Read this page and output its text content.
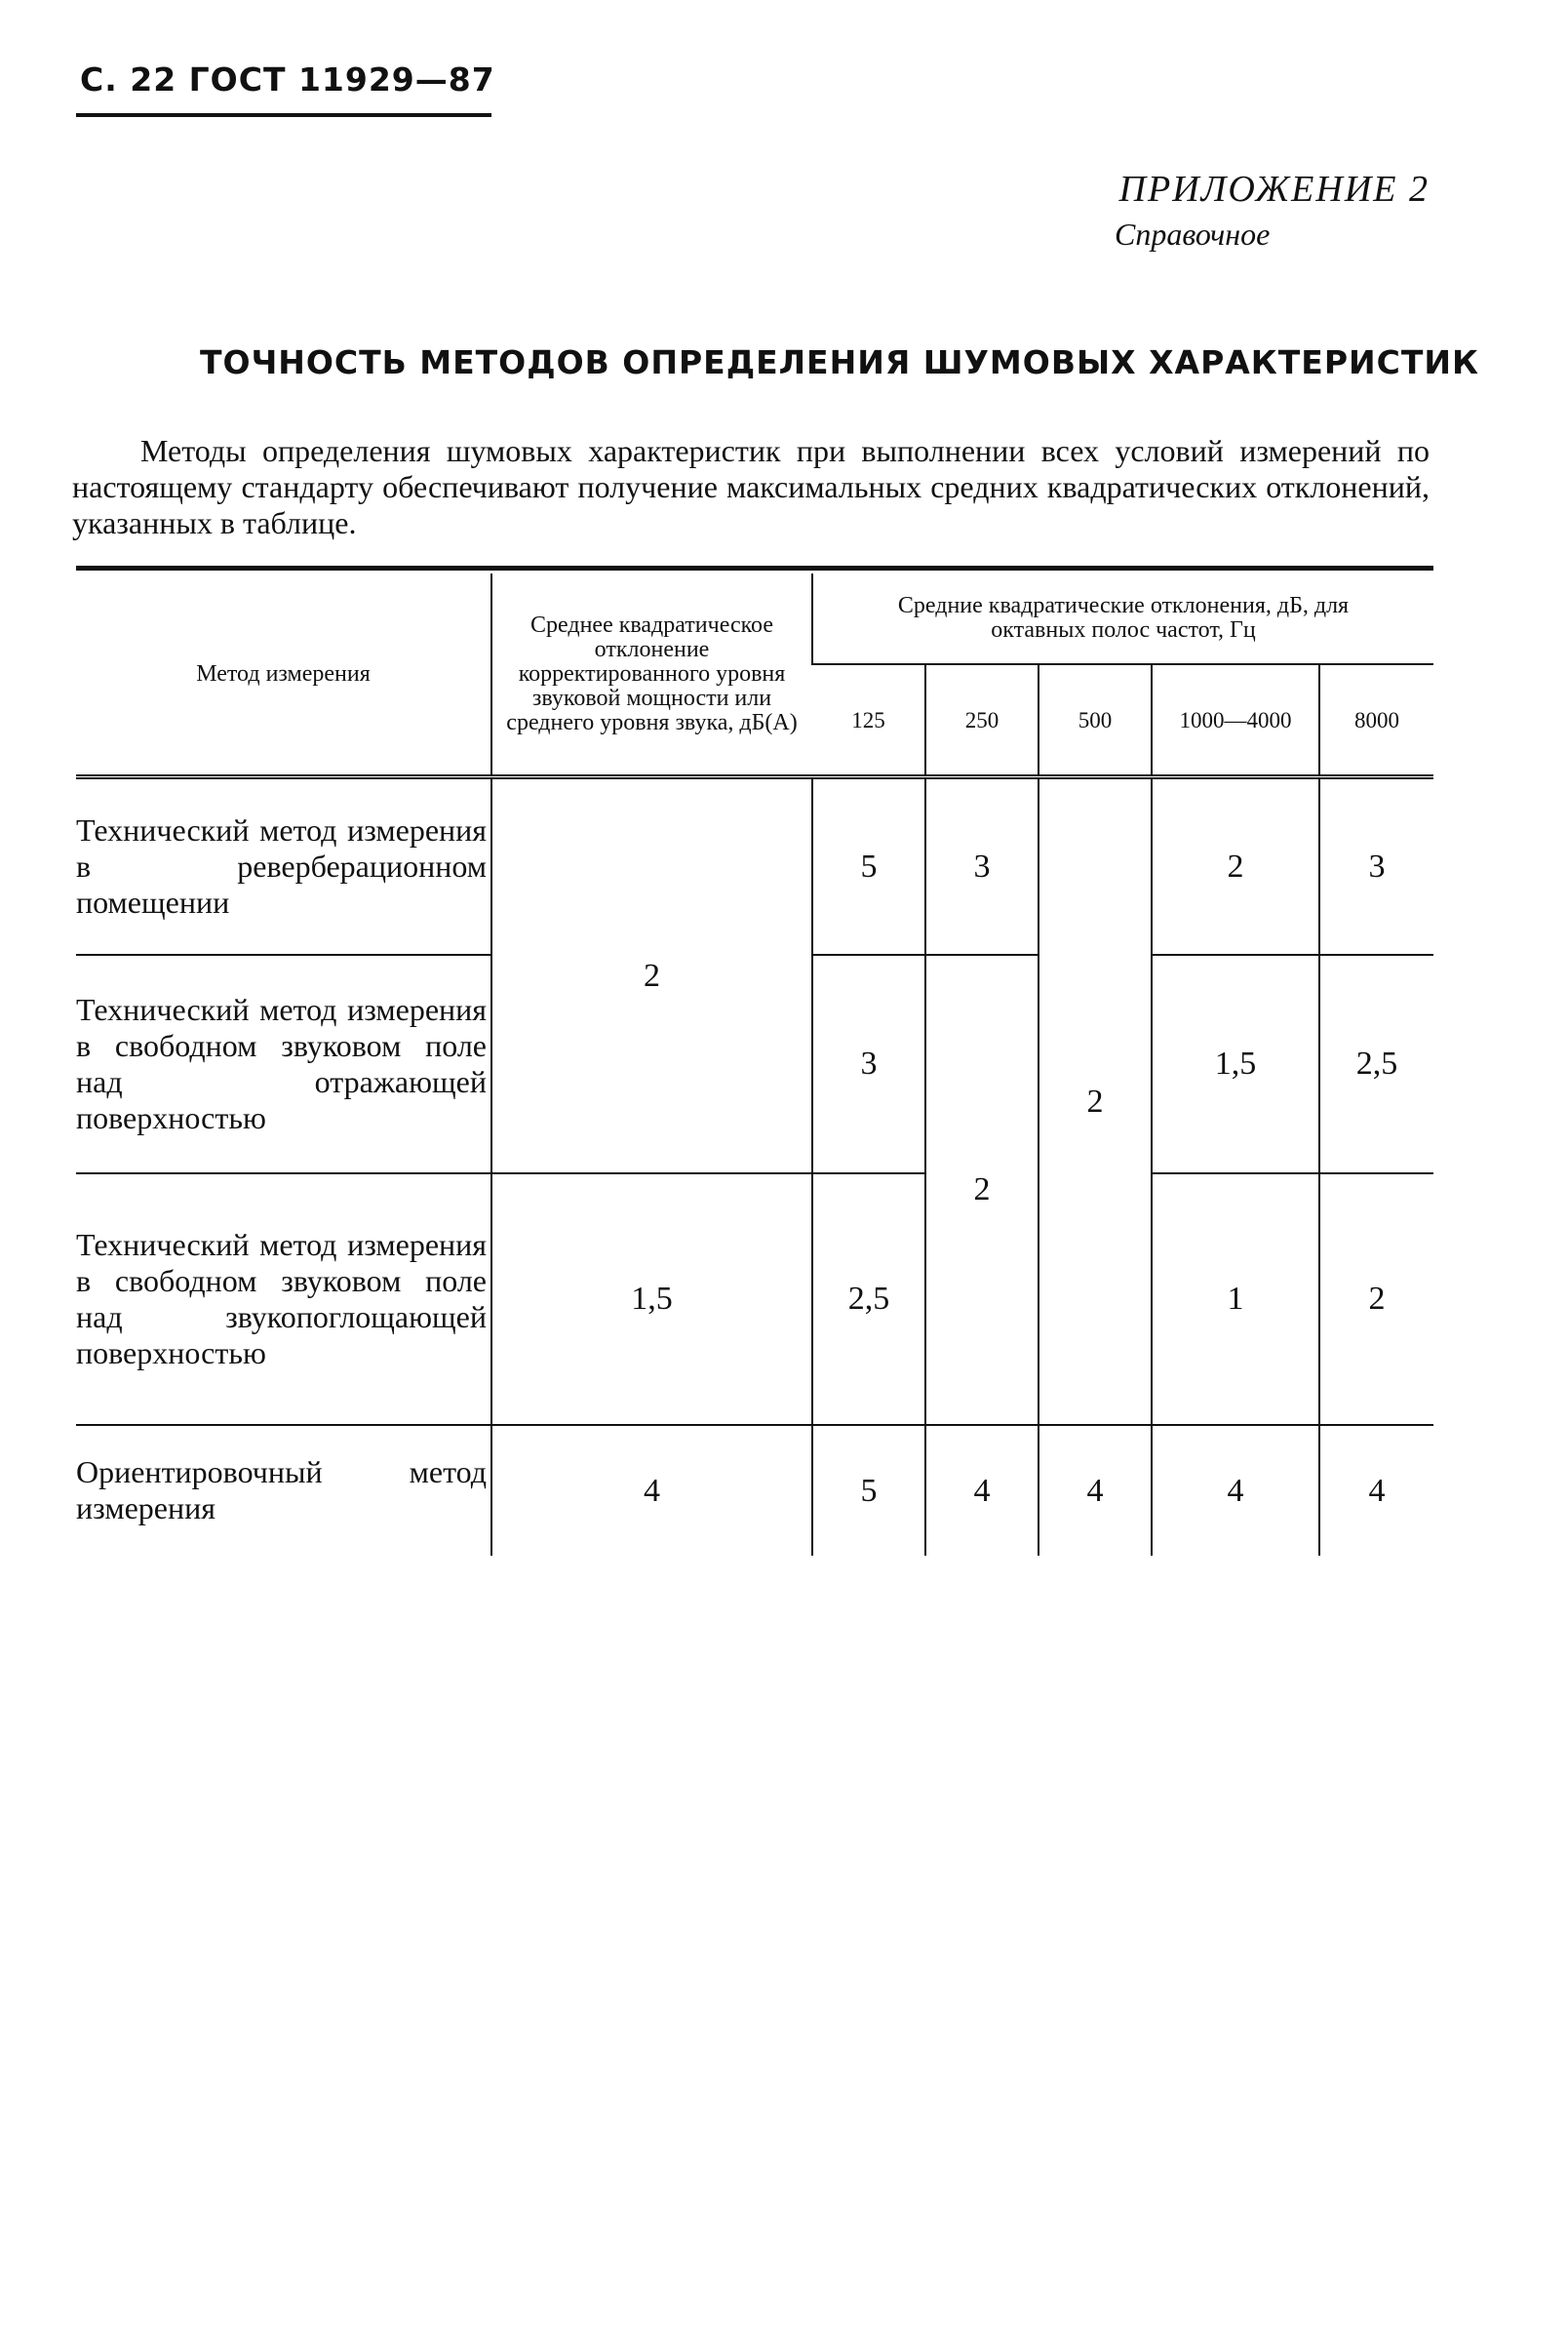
С. 22 ГОСТ 11929—87
ПРИЛОЖЕНИЕ 2
Справочное
ТОЧНОСТЬ МЕТОДОВ ОПРЕДЕЛЕНИЯ ШУМОВЫХ ХАРАКТЕРИСТИК
Методы определения шумовых характеристик при выполнении всех условий измерений по настоящему стандарту обеспечивают получение максимальных средних квадратических отклонений, указанных в таблице.
Метод измерения	Среднее квадратическое отклонение корректированного уровня звуковой мощности или среднего уровня звука, дБ(А)	Средние квадратические отклонения, дБ, для октавных полос частот, Гц				
		125	250	500	1000—4000	8000
Технический метод измерения в реверберационном помещении	2	5	3	2	2	3
Технический метод измерения в свободном звуковом поле над отражающей поверхностью		3	2		1,5	2,5
Технический метод измерения в свободном звуковом поле над звукопоглощающей поверхностью	1,5	2,5			1	2
Ориентировочный метод измерения	4	5	4	4	4	4
